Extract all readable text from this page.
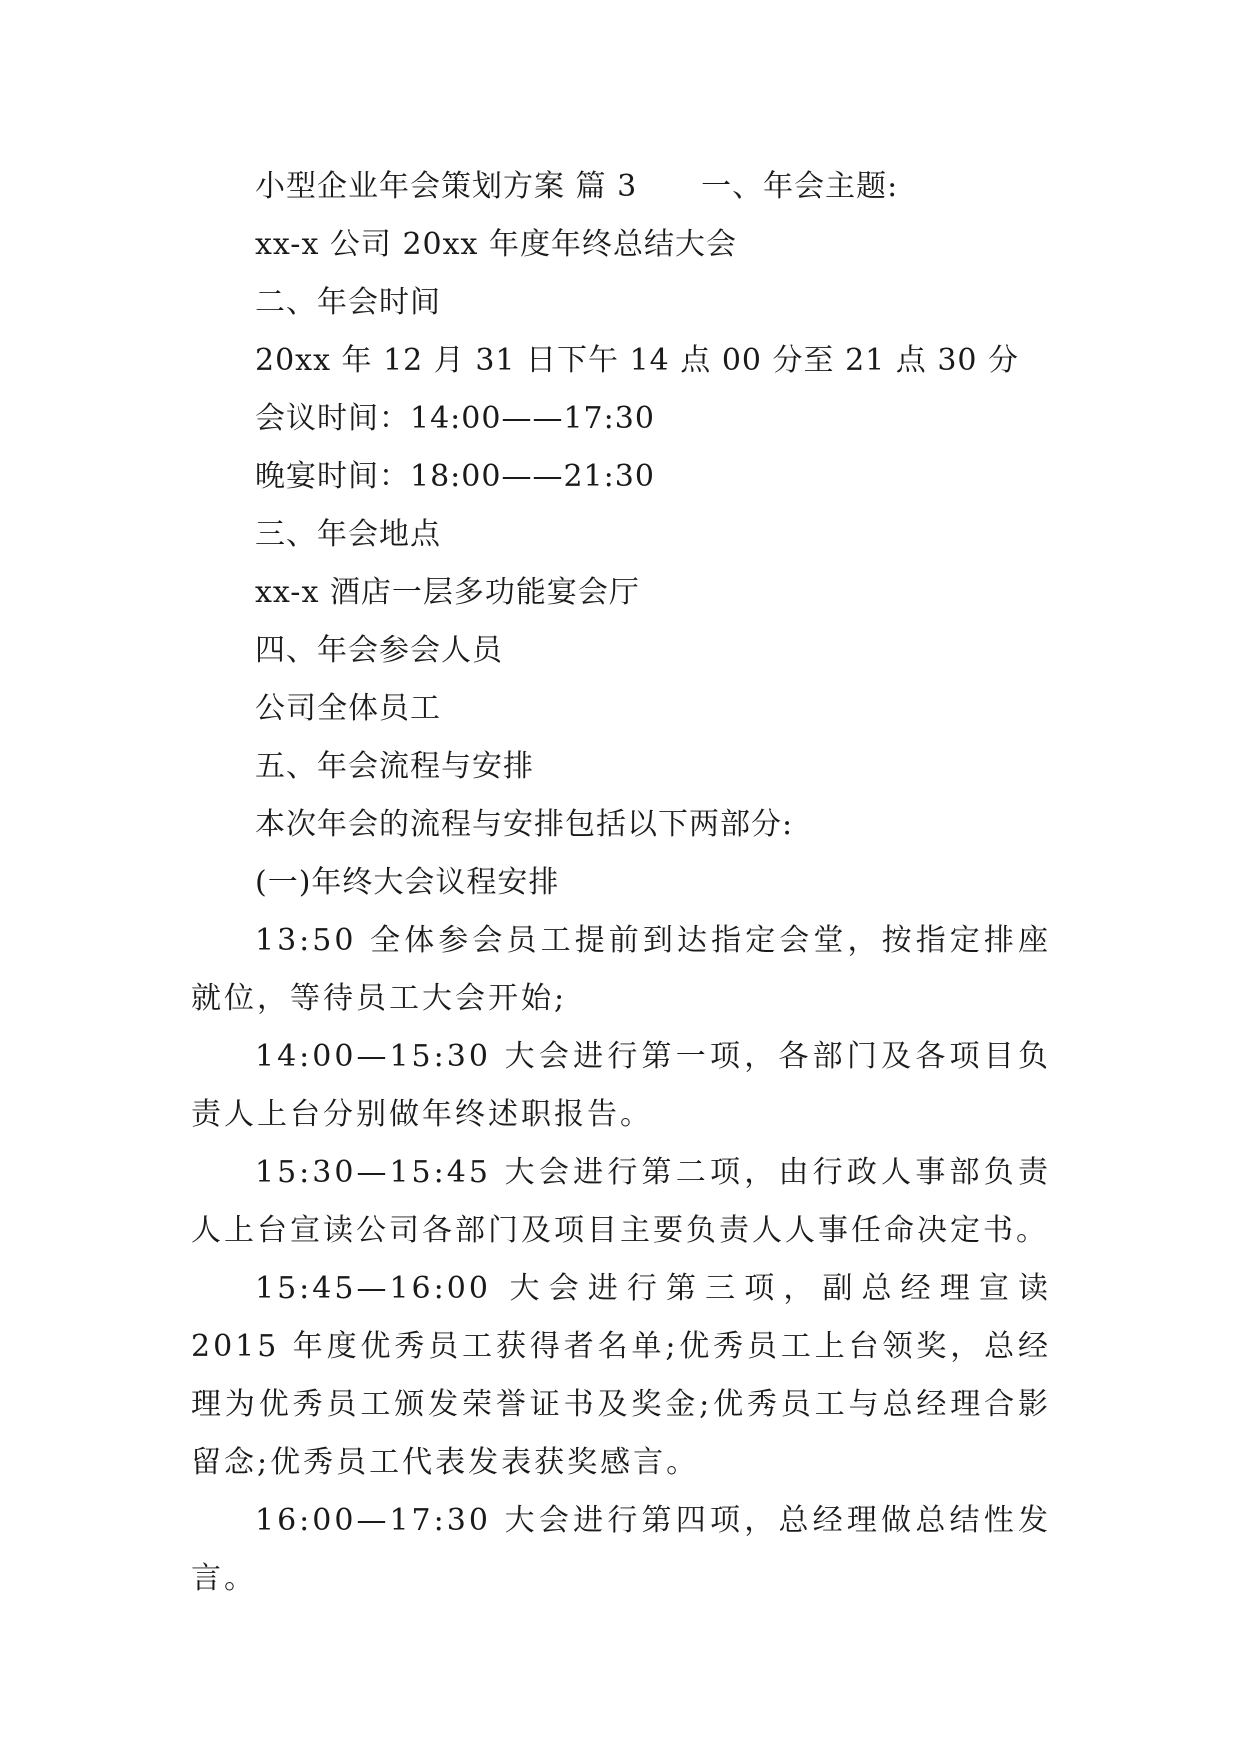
小型企业年会策划方案 篇 3 一、年会主题:
xx-x 公司 20xx 年度年终总结大会
二、年会时间
20xx 年 12 月 31 日下午 14 点 00 分至 21 点 30 分
会议时间：14:00——17:30
晚宴时间：18:00——21:30
三、年会地点
xx-x 酒店一层多功能宴会厅
四、年会参会人员
公司全体员工
五、年会流程与安排
本次年会的流程与安排包括以下两部分:
(一)年终大会议程安排
13:50 全体参会员工提前到达指定会堂，按指定排座就位，等待员工大会开始;
14:00—15:30 大会进行第一项，各部门及各项目负责人上台分别做年终述职报告。
15:30—15:45 大会进行第二项，由行政人事部负责人上台宣读公司各部门及项目主要负责人人事任命决定书。
15:45—16:00 大会进行第三项，副总经理宣读 2015 年度优秀员工获得者名单;优秀员工上台领奖，总经理为优秀员工颁发荣誉证书及奖金;优秀员工与总经理合影留念;优秀员工代表发表获奖感言。
16:00—17:30 大会进行第四项，总经理做总结性发言。
